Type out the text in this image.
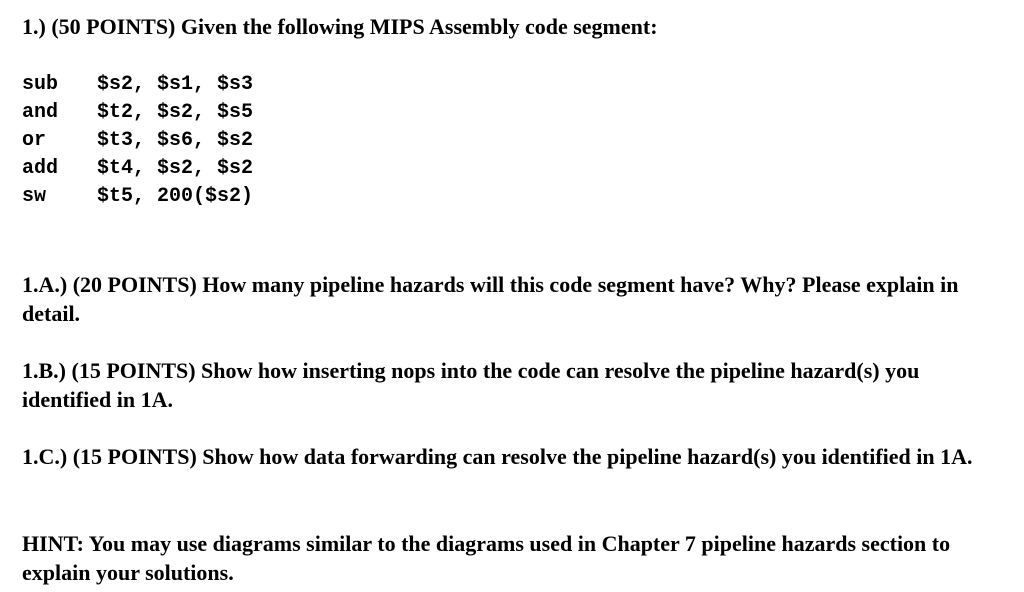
1.) (50 POINTS) Given the following MIPS Assembly code segment:
sub	$s2, $s1, $s3
and	$t2, $s2, $s5
or	$t3, $s6, $s2
add	$t4, $s2, $s2
sw	$t5, 200($s2)
1.A.) (20 POINTS) How many pipeline hazards will this code segment have? Why? Please explain in detail.
1.B.) (15 POINTS) Show how inserting nops into the code can resolve the pipeline hazard(s) you identified in 1A.
1.C.) (15 POINTS) Show how data forwarding can resolve the pipeline hazard(s) you identified in 1A.
HINT: You may use diagrams similar to the diagrams used in Chapter 7 pipeline hazards section to explain your solutions.
